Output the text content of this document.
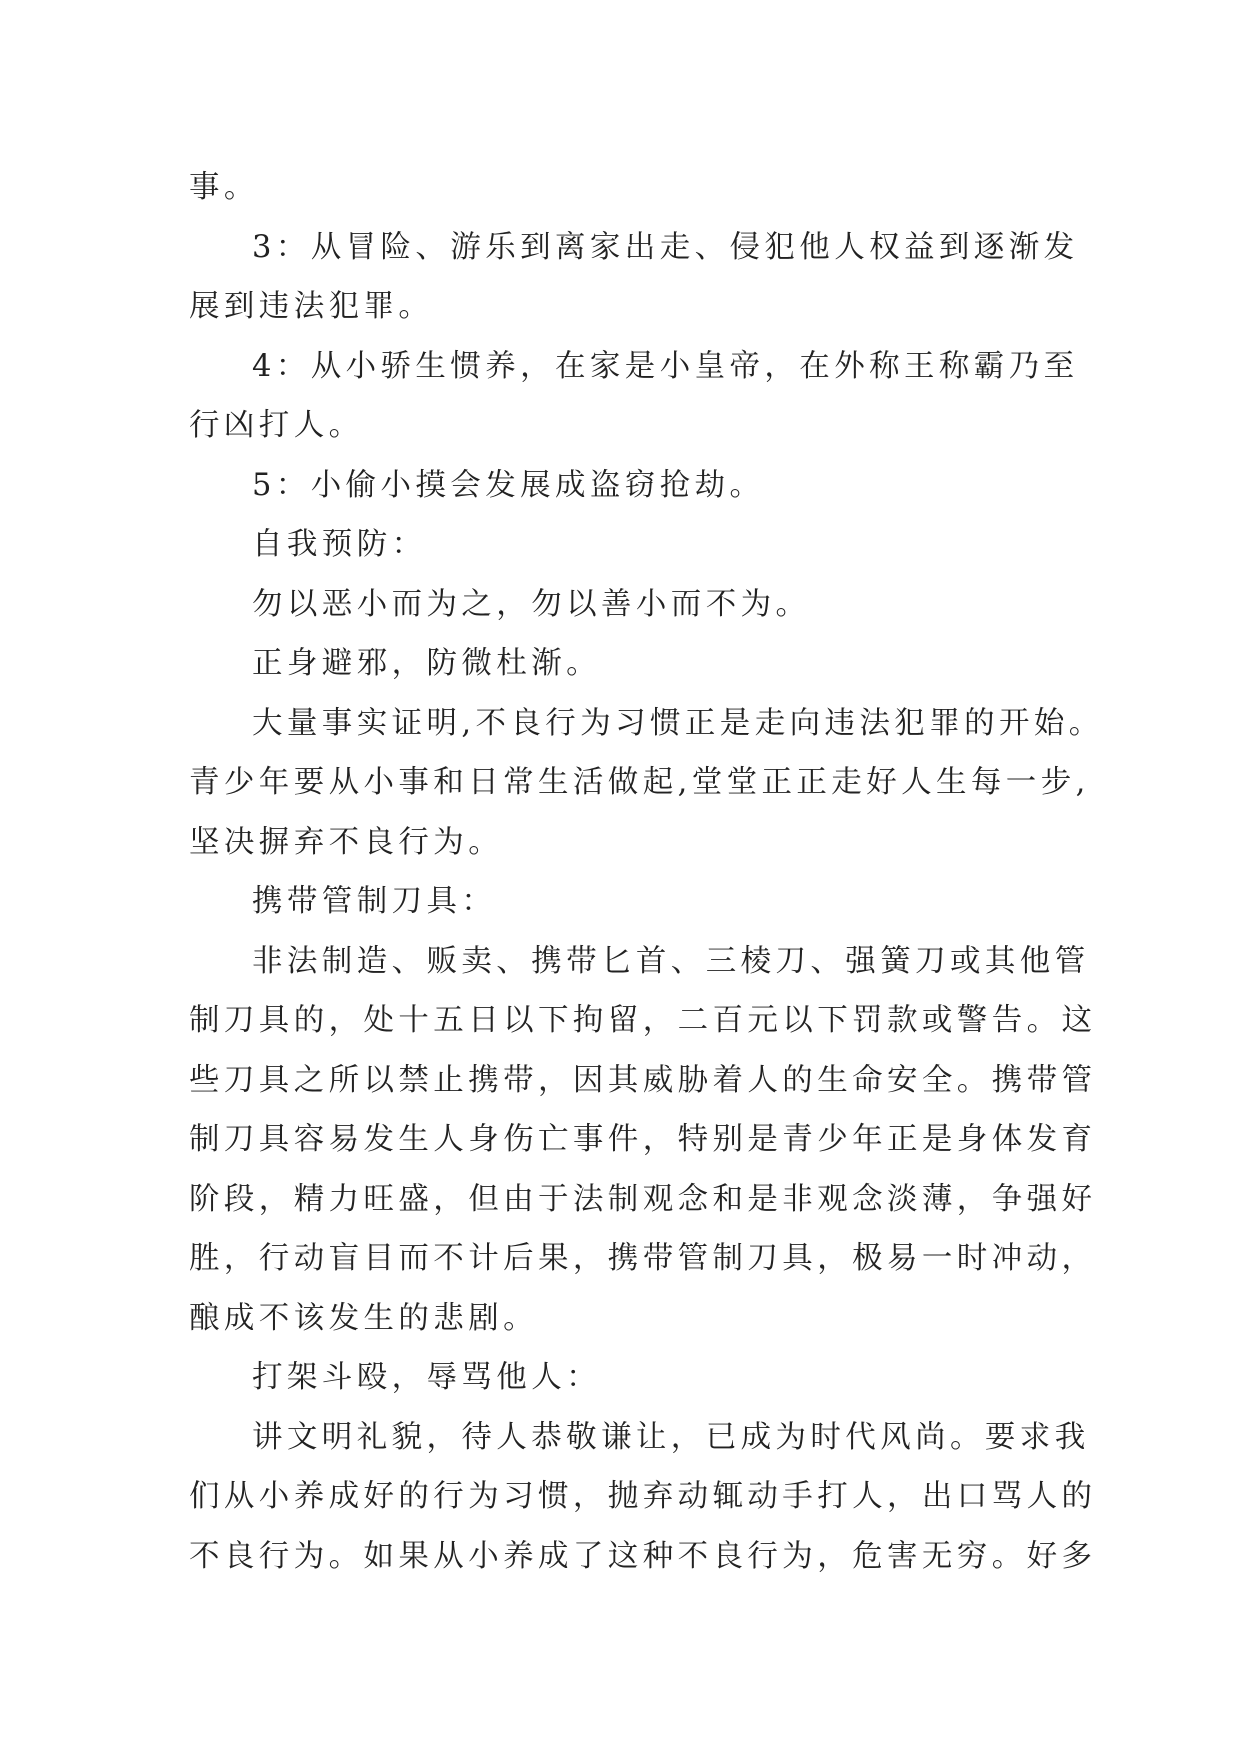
事。
3：从冒险、游乐到离家出走、侵犯他人权益到逐渐发
展到违法犯罪。
4：从小骄生惯养，在家是小皇帝，在外称王称霸乃至
行凶打人。
5：小偷小摸会发展成盗窃抢劫。
自我预防：
勿以恶小而为之，勿以善小而不为。
正身避邪，防微杜渐。
大量事实证明,不良行为习惯正是走向违法犯罪的开始。
青少年要从小事和日常生活做起,堂堂正正走好人生每一步,
坚决摒弃不良行为。
携带管制刀具：
非法制造、贩卖、携带匕首、三棱刀、强簧刀或其他管
制刀具的，处十五日以下拘留，二百元以下罚款或警告。这
些刀具之所以禁止携带，因其威胁着人的生命安全。携带管
制刀具容易发生人身伤亡事件，特别是青少年正是身体发育
阶段，精力旺盛，但由于法制观念和是非观念淡薄，争强好
胜，行动盲目而不计后果，携带管制刀具，极易一时冲动，
酿成不该发生的悲剧。
打架斗殴，辱骂他人：
讲文明礼貌，待人恭敬谦让，已成为时代风尚。要求我
们从小养成好的行为习惯，抛弃动辄动手打人，出口骂人的
不良行为。如果从小养成了这种不良行为，危害无穷。好多
